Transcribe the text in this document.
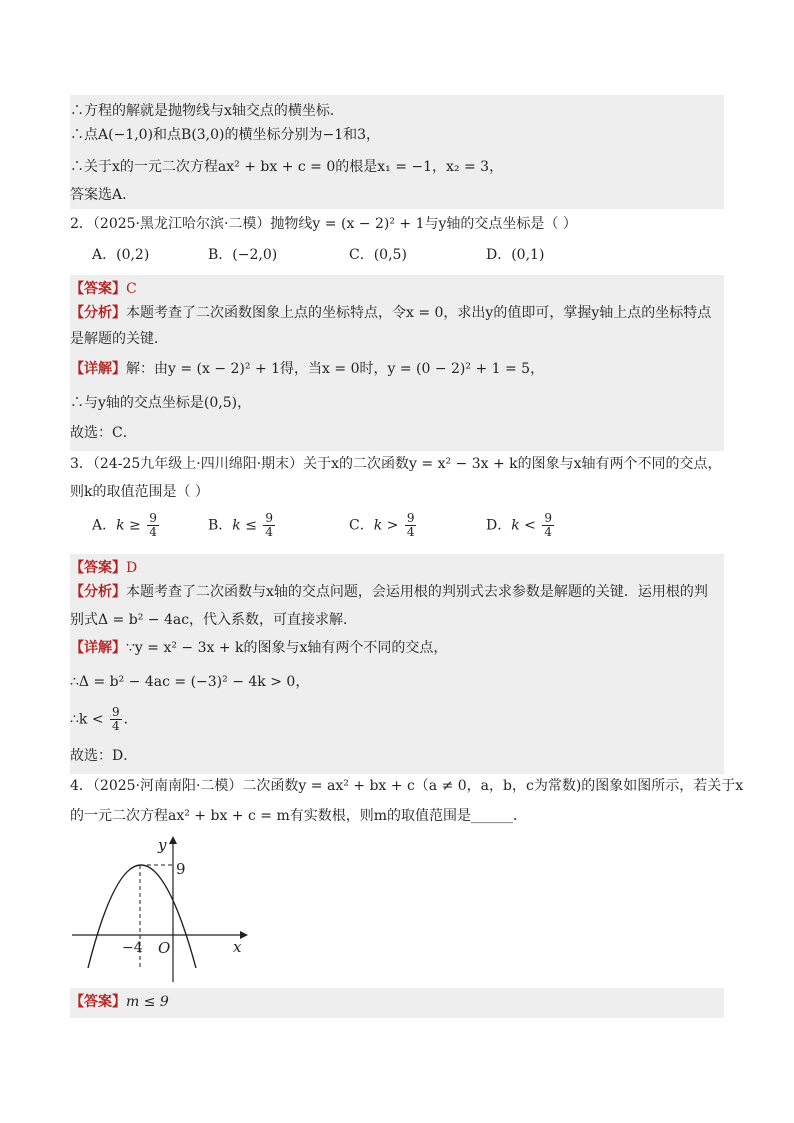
∴方程的解就是抛物线与x轴交点的横坐标．
∴点A(−1,0)和点B(3,0)的横坐标分别为−1和3，
∴关于x的一元二次方程ax² + bx + c = 0的根是x₁ = −1，x₂ = 3，
答案选A．
2．（2025·黑龙江哈尔滨·二模）抛物线y = (x − 2)² + 1与y轴的交点坐标是（ ）
A．(0,2)	B．(−2,0)	C．(0,5)	D．(0,1)
【答案】C
【分析】本题考查了二次函数图象上点的坐标特点，令x = 0，求出y的值即可，掌握y轴上点的坐标特点
是解题的关键．
【详解】解：由y = (x − 2)² + 1得，当x = 0时，y = (0 − 2)² + 1 = 5，
∴与y轴的交点坐标是(0,5)，
故选：C．
3．（24-25九年级上·四川绵阳·期末）关于x的二次函数y = x² − 3x + k的图象与x轴有两个不同的交点，
则k的取值范围是（ ）
A．$k \ge \frac{9}{4}$	B．$k \le \frac{9}{4}$	C．$k > \frac{9}{4}$	D．$k < \frac{9}{4}$
【答案】D
【分析】本题考查了二次函数与x轴的交点问题，会运用根的判别式去求参数是解题的关键．运用根的判
别式Δ = b² − 4ac，代入系数，可直接求解．
【详解】∵y = x² − 3x + k的图象与x轴有两个不同的交点，
∴Δ = b² − 4ac = (−3)² − 4k > 0，
∴k < $\frac{9}{4}$ ．
故选：D．
4．（2025·河南南阳·二模）二次函数y = ax² + bx + c（a ≠ 0，a，b，c为常数)的图象如图所示，若关于x
的一元二次方程ax² + bx + c = m有实数根，则m的取值范围是______．
y
x
O
9
−4
【答案】m ≤ 9
